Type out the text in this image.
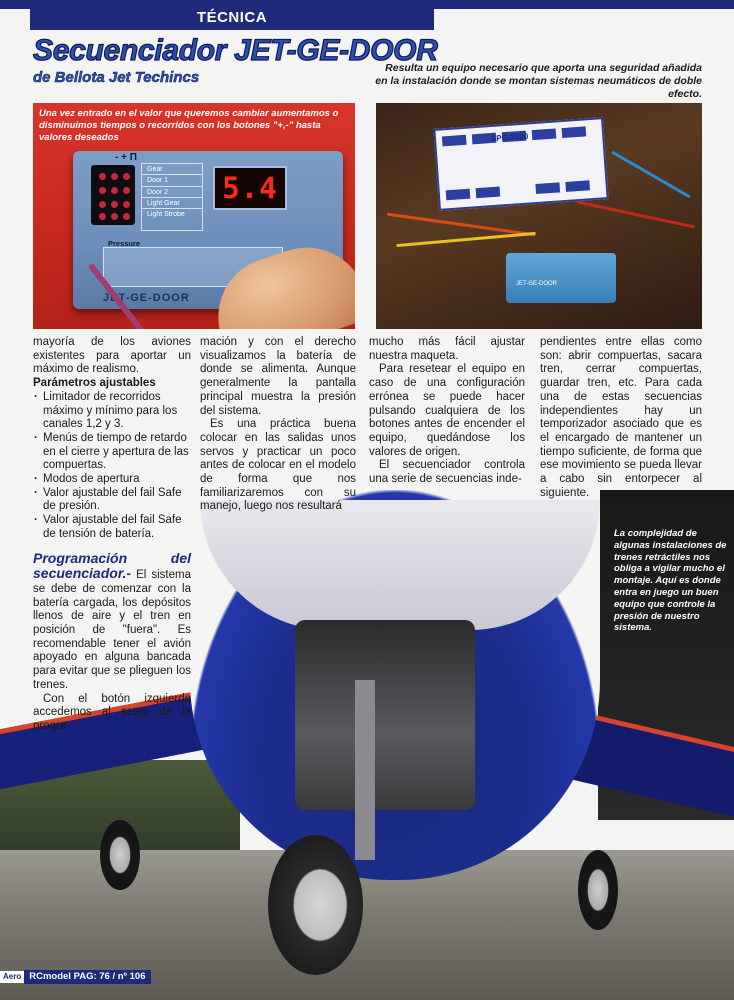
TÉCNICA
Secuenciador JET-GE-DOOR
de Bellota Jet Techincs
Resulta un equipo necesario que aporta una seguridad añadida en la instalación donde se montan sistemas neumáticos de doble efecto.
Una vez entrado en el valor que queremos cambiar aumentamos o disminuimos tiempos o recorridos con los botones "+,-" hasta valores deseados
- + Π
Gear
Door 1
Door 2
Light Gear
Light Strobe
5.4
Pressure
JET-GE-DOOR
SPG-2000
JET-GE-DOOR

mayoría de los aviones existentes para aportar un máximo de realismo.

Parámetros ajustables

· Limitador de recorridos máximo y mínimo para los canales 1,2 y 3.
· Menús de tiempo de retardo en el cierre y apertura de las compuertas.
· Modos de apertura
· Valor ajustable del fail Safe de presión.
· Valor ajustable del fail Safe de tensión de batería.

Programación del secuenciador.- El sistema se debe de comenzar con la batería cargada, los depósitos llenos de aire y el tren en posición de "fuera". Es recomendable tener el avión apoyado en alguna bancada para evitar que se plieguen los trenes.

Con el botón izquierdo accedemos al setup de la progra-

mación y con el derecho visualizamos la batería de donde se alimenta. Aunque generalmente la pantalla principal muestra la presión del sistema.

Es una práctica buena colocar en las salidas unos servos y practicar un poco antes de colocar en el modelo de forma que nos familiarizaremos con su manejo, luego nos resultará

mucho más fácil ajustar nuestra maqueta.

Para resetear el equipo en caso de una configuración errónea se puede hacer pulsando cualquiera de los botones antes de encender el equipo, quedándose los valores de origen.

El secuenciador controla una serie de secuencias inde-

pendientes entre ellas como son: abrir compuertas, sacara tren, cerrar compuertas, guardar tren, etc. Para cada una de estas secuencias independientes hay un temporizador asociado que es el encargado de mantener un tiempo suficiente, de forma que ese movimiento se pueda llevar a cabo sin entorpecer al siguiente.

La complejidad de algunas instalaciones de trenes retráctiles nos obliga a vigilar mucho el montaje. Aquí es donde entra en juego un buen equipo que controle la presión de nuestro sistema.
Aero RCmodel PAG: 76 / nº 106
